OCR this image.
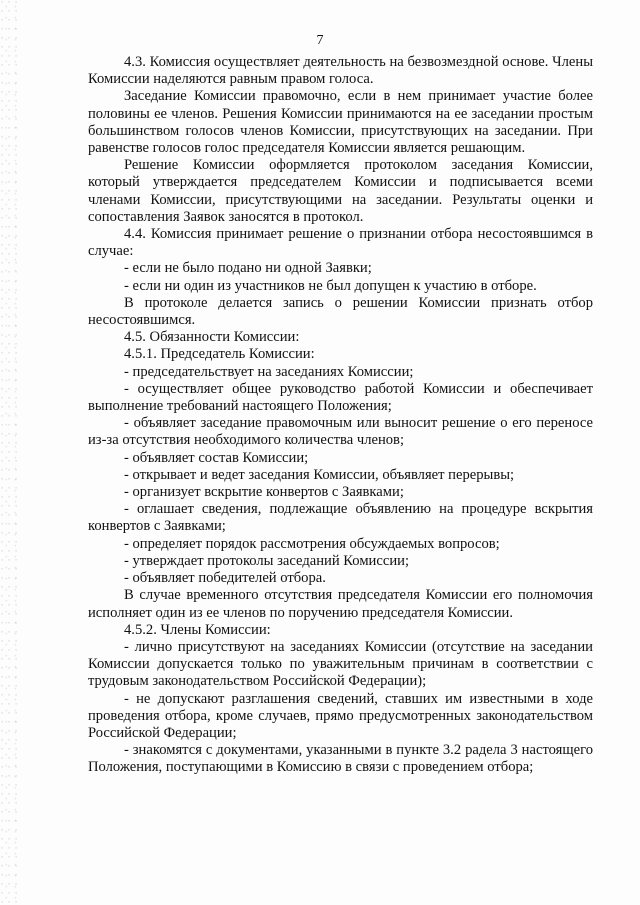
7

4.3. Комиссия осуществляет деятельность на безвозмездной основе. Члены Комиссии наделяются равным правом голоса.

Заседание Комиссии правомочно, если в нем принимает участие более половины ее членов. Решения Комиссии принимаются на ее заседании простым большинством голосов членов Комиссии, присутствующих на заседании. При равенстве голосов голос председателя Комиссии является решающим.

Решение Комиссии оформляется протоколом заседания Комиссии, который утверждается председателем Комиссии и подписывается всеми членами Комиссии, присутствующими на заседании. Результаты оценки и сопоставления Заявок заносятся в протокол.

4.4. Комиссия принимает решение о признании отбора несостоявшимся в случае:

- если не было подано ни одной Заявки;

- если ни один из участников не был допущен к участию в отборе.

В протоколе делается запись о решении Комиссии признать отбор несостоявшимся.

4.5. Обязанности Комиссии:

4.5.1. Председатель Комиссии:

- председательствует на заседаниях Комиссии;

- осуществляет общее руководство работой Комиссии и обеспечивает выполнение требований настоящего Положения;

- объявляет заседание правомочным или выносит решение о его переносе из-за отсутствия необходимого количества членов;

- объявляет состав Комиссии;

- открывает и ведет заседания Комиссии, объявляет перерывы;

- организует вскрытие конвертов с Заявками;

- оглашает сведения, подлежащие объявлению на процедуре вскрытия конвертов с Заявками;

- определяет порядок рассмотрения обсуждаемых вопросов;

- утверждает протоколы заседаний Комиссии;

- объявляет победителей отбора.

В случае временного отсутствия председателя Комиссии его полномочия исполняет один из ее членов по поручению председателя Комиссии.

4.5.2. Члены Комиссии:

- лично присутствуют на заседаниях Комиссии (отсутствие на заседании Комиссии допускается только по уважительным причинам в соответствии с трудовым законодательством Российской Федерации);

- не допускают разглашения сведений, ставших им известными в ходе проведения отбора, кроме случаев, прямо предусмотренных законодательством Российской Федерации;

- знакомятся с документами, указанными в пункте 3.2 радела 3 настоящего Положения, поступающими в Комиссию в связи с проведением отбора;
